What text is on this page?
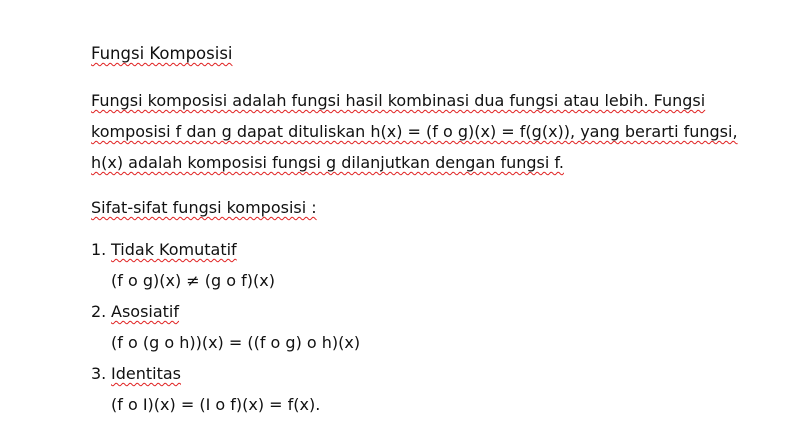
Fungsi Komposisi
Fungsi komposisi adalah fungsi hasil kombinasi dua fungsi atau lebih. Fungsi
komposisi f dan g dapat dituliskan h(x) = (f o g)(x) = f(g(x)), yang berarti fungsi,
h(x) adalah komposisi fungsi g dilanjutkan dengan fungsi f.
Sifat-sifat fungsi komposisi :
1. Tidak Komutatif
(f o g)(x) ≠ (g o f)(x)
2. Asosiatif
(f o (g o h))(x) = ((f o g) o h)(x)
3. Identitas
(f o I)(x) = (I o f)(x) = f(x).
